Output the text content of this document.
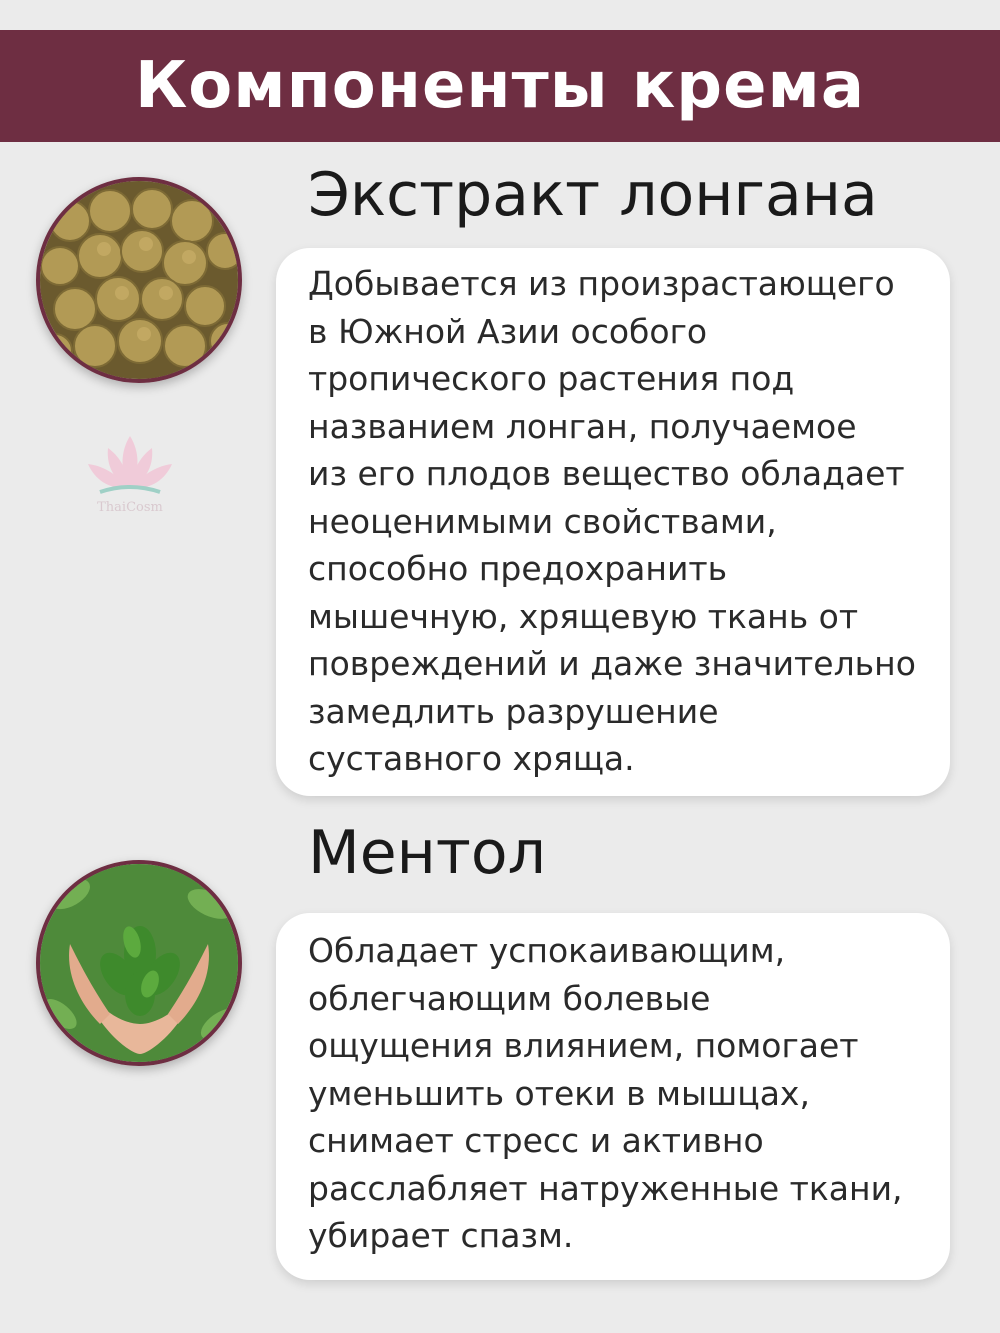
Компоненты крема
ThaiCosm
Экстракт лонгана
Добывается из произрастающего
в Южной Азии особого
тропического растения под
названием лонган, получаемое
из его плодов вещество обладает
неоценимыми свойствами,
способно предохранить
мышечную, хрящевую ткань от
повреждений и даже значительно
замедлить разрушение
суставного хряща.
Ментол
Обладает успокаивающим,
облегчающим болевые
ощущения влиянием, помогает
уменьшить отеки в мышцах,
снимает стресс и активно
расслабляет натруженные ткани,
убирает спазм.
